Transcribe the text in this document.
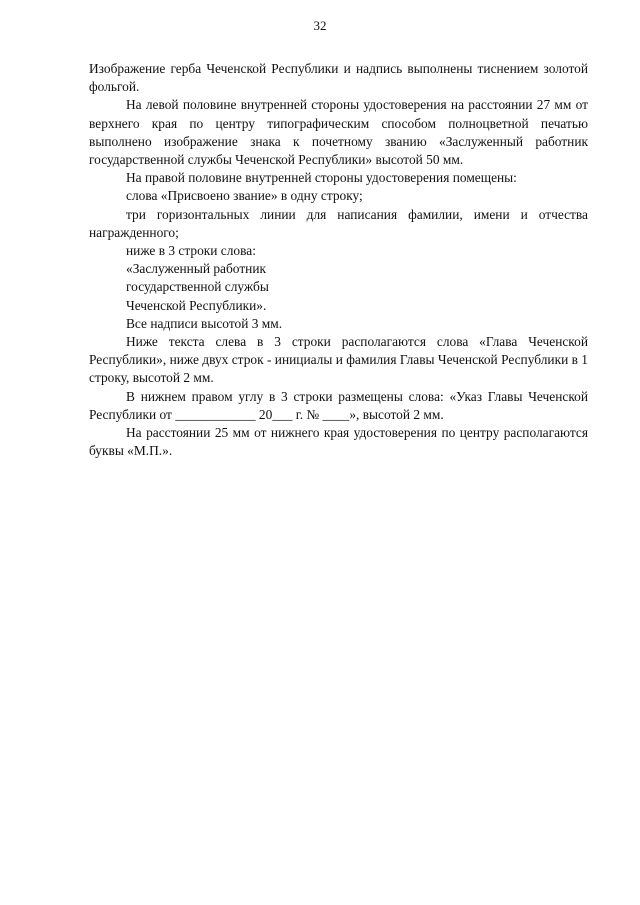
32

Изображение герба Чеченской Республики и надпись выполнены тиснением золотой фольгой.

На левой половине внутренней стороны удостоверения на расстоянии 27 мм от верхнего края по центру типографическим способом полноцветной печатью выполнено изображение знака к почетному званию «Заслуженный работник государственной службы Чеченской Республики» высотой 50 мм.

На правой половине внутренней стороны удостоверения помещены:

слова «Присвоено звание» в одну строку;

три горизонтальных линии для написания фамилии, имени и отчества награжденного;

ниже в 3 строки слова:

«Заслуженный работник

государственной службы

Чеченской Республики».

Все надписи высотой 3 мм.

Ниже текста слева в 3 строки располагаются слова «Глава Чеченской Республики», ниже двух строк - инициалы и фамилия Главы Чеченской Республики в 1 строку, высотой 2 мм.

В нижнем правом углу в 3 строки размещены слова: «Указ Главы Чеченской Республики от ____________ 20___ г. № ____», высотой 2 мм.

На расстоянии 25 мм от нижнего края удостоверения по центру располагаются буквы «М.П.».
